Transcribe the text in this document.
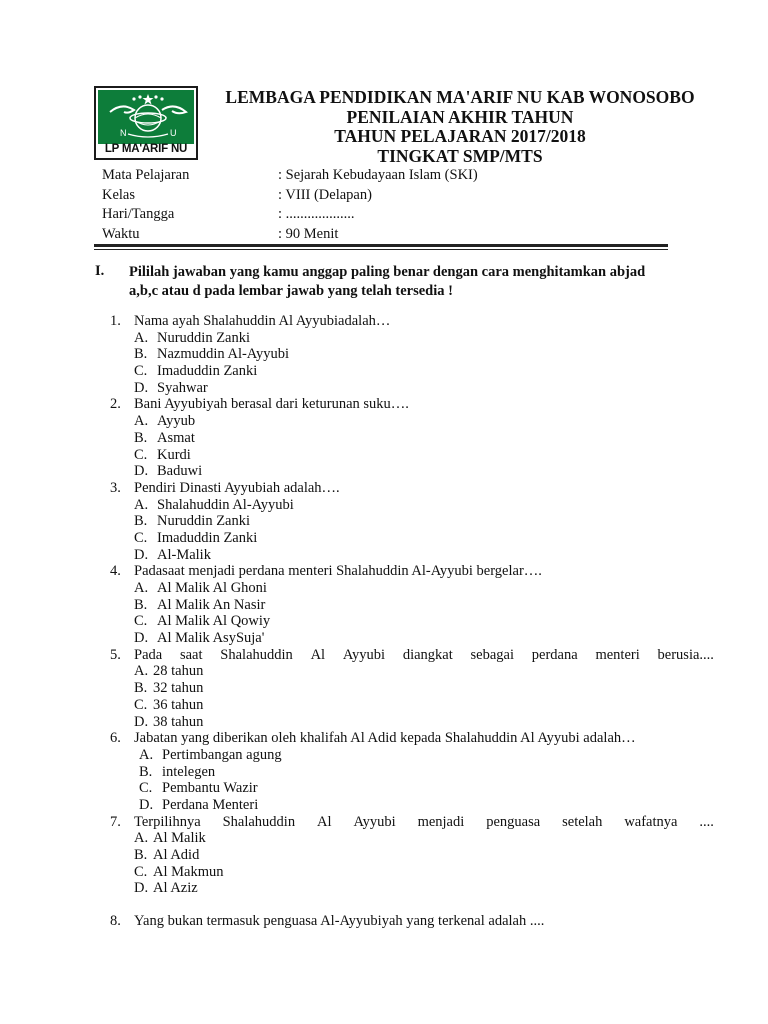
N	U
LP MA'ARIF NU
LEMBAGA PENDIDIKAN MA'ARIF NU KAB WONOSOBO
PENILAIAN AKHIR TAHUN
TAHUN PELAJARAN 2017/2018
TINGKAT SMP/MTS
Mata Pelajaran	: Sejarah Kebudayaan Islam (SKI)
Kelas	: VIII (Delapan)
Hari/Tangga	: ...................
Waktu	: 90 Menit
I. Pililah jawaban yang kamu anggap paling benar dengan cara menghitamkan abjad
a,b,c atau d pada lembar jawab yang telah tersedia !
1. Nama ayah Shalahuddin Al Ayyubiadalah…
A. Nuruddin Zanki
B. Nazmuddin Al-Ayyubi
C. Imaduddin Zanki
D. Syahwar
2. Bani Ayyubiyah berasal dari keturunan suku….
A. Ayyub
B. Asmat
C. Kurdi
D. Baduwi
3. Pendiri Dinasti Ayyubiah adalah….
A. Shalahuddin Al-Ayyubi
B. Nuruddin Zanki
C. Imaduddin Zanki
D. Al-Malik
4. Padasaat menjadi perdana menteri Shalahuddin Al-Ayyubi bergelar….
A. Al Malik Al Ghoni
B. Al Malik An Nasir
C. Al Malik Al Qowiy
D. Al Malik AsySuja'
5. Pada saat Shalahuddin Al Ayyubi diangkat sebagai perdana menteri berusia....
A. 28 tahun
B. 32 tahun
C. 36 tahun
D. 38 tahun
6. Jabatan yang diberikan oleh khalifah Al Adid kepada Shalahuddin Al Ayyubi adalah…
A. Pertimbangan agung
B. intelegen
C. Pembantu Wazir
D. Perdana Menteri
7. Terpilihnya Shalahuddin Al Ayyubi menjadi penguasa setelah wafatnya ....
A. Al Malik
B. Al Adid
C. Al Makmun
D. Al Aziz
8. Yang bukan termasuk penguasa Al-Ayyubiyah yang terkenal adalah ....
